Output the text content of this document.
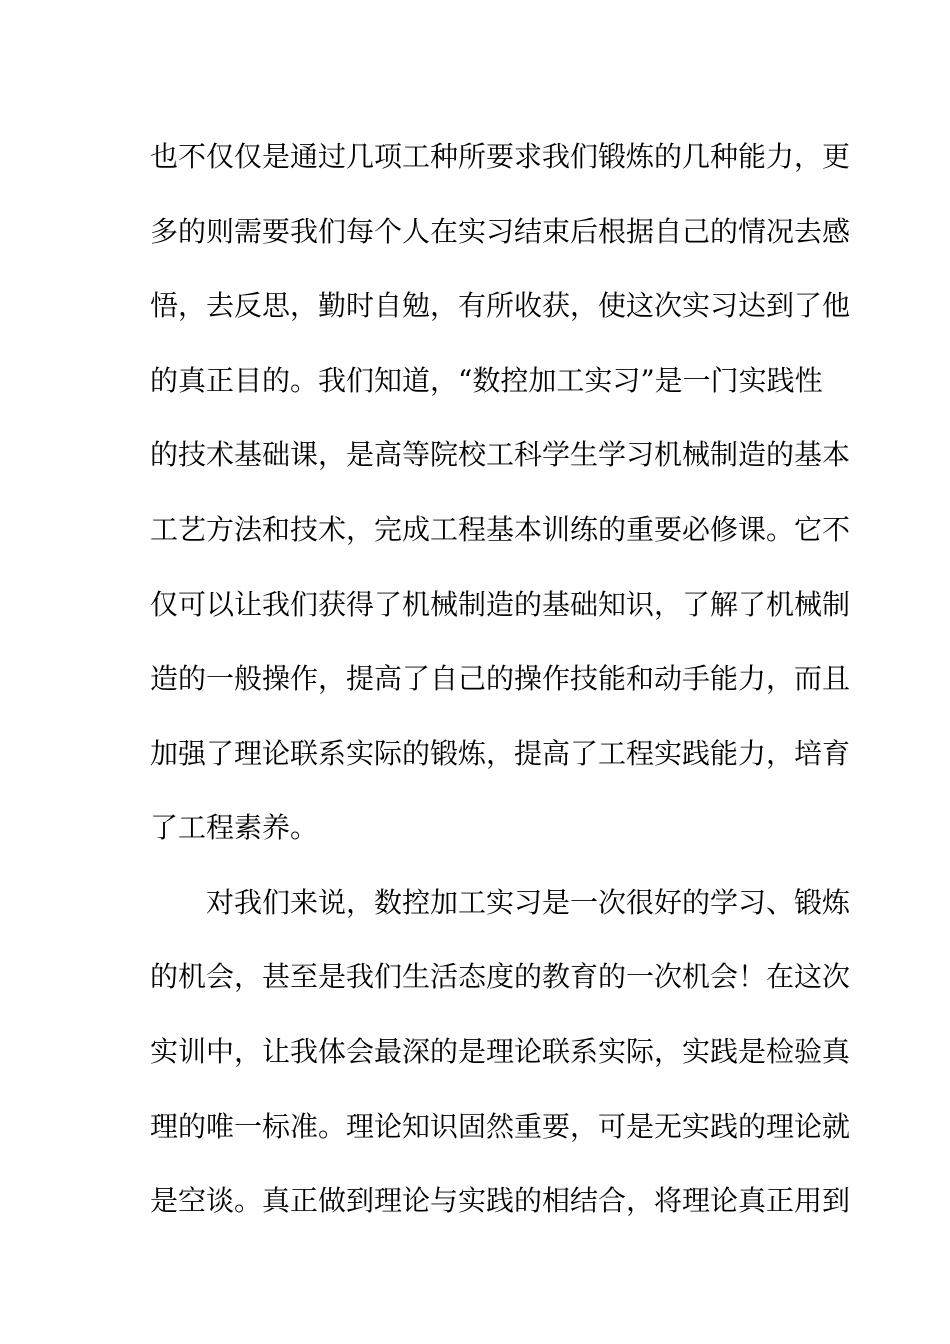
也不仅仅是通过几项工种所要求我们锻炼的几种能力，更
多的则需要我们每个人在实习结束后根据自己的情况去感
悟，去反思，勤时自勉，有所收获，使这次实习达到了他
的真正目的。我们知道，“数控加工实习”是一门实践性
的技术基础课，是高等院校工科学生学习机械制造的基本
工艺方法和技术，完成工程基本训练的重要必修课。它不
仅可以让我们获得了机械制造的基础知识，了解了机械制
造的一般操作，提高了自己的操作技能和动手能力，而且
加强了理论联系实际的锻炼，提高了工程实践能力，培育
了工程素养。
对我们来说，数控加工实习是一次很好的学习、锻炼
的机会，甚至是我们生活态度的教育的一次机会！在这次
实训中，让我体会最深的是理论联系实际，实践是检验真
理的唯一标准。理论知识固然重要，可是无实践的理论就
是空谈。真正做到理论与实践的相结合，将理论真正用到
